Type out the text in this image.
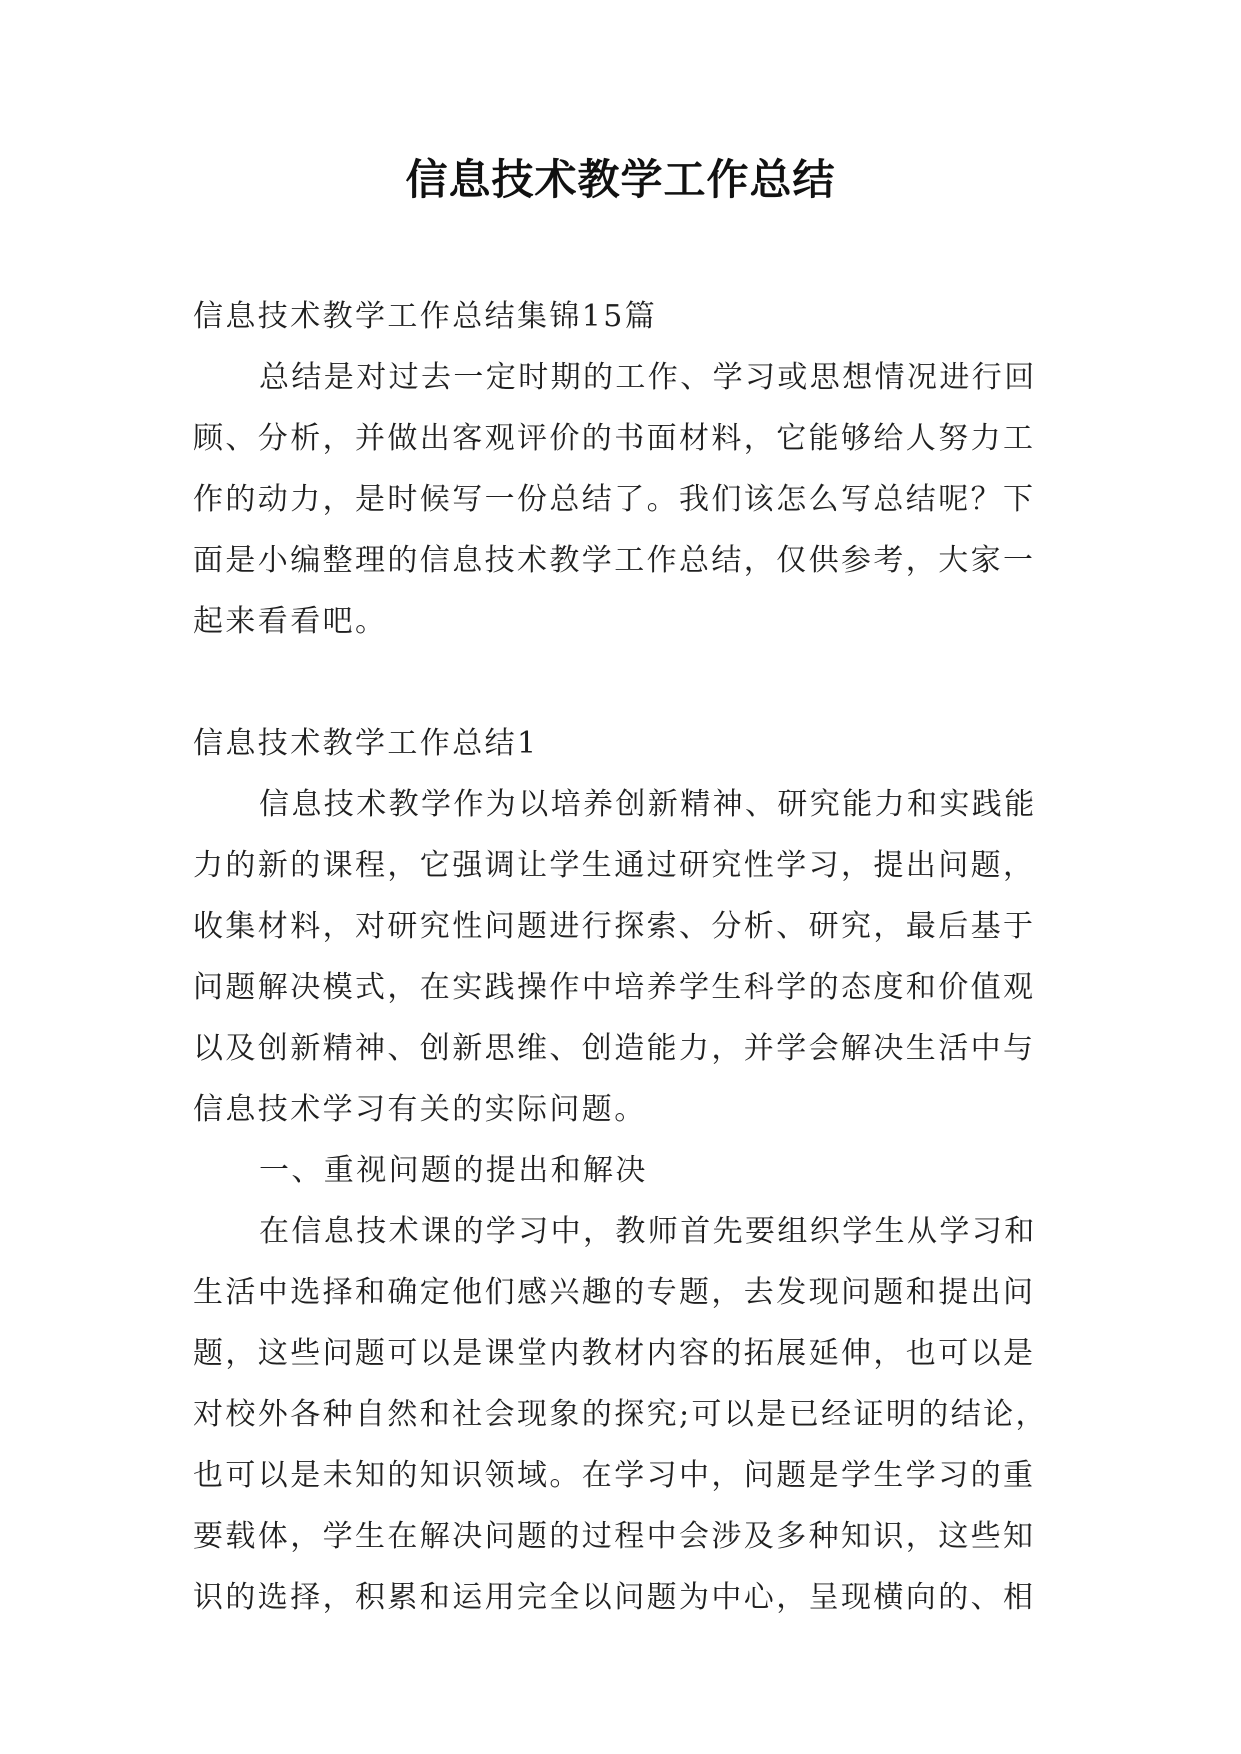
信息技术教学工作总结
信息技术教学工作总结集锦15篇
总结是对过去一定时期的工作、学习或思想情况进行回
顾、分析，并做出客观评价的书面材料，它能够给人努力工
作的动力，是时候写一份总结了。我们该怎么写总结呢？下
面是小编整理的信息技术教学工作总结，仅供参考，大家一
起来看看吧。
信息技术教学工作总结1
信息技术教学作为以培养创新精神、研究能力和实践能
力的新的课程，它强调让学生通过研究性学习，提出问题，
收集材料，对研究性问题进行探索、分析、研究，最后基于
问题解决模式，在实践操作中培养学生科学的态度和价值观
以及创新精神、创新思维、创造能力，并学会解决生活中与
信息技术学习有关的实际问题。
一、重视问题的提出和解决
在信息技术课的学习中，教师首先要组织学生从学习和
生活中选择和确定他们感兴趣的专题，去发现问题和提出问
题，这些问题可以是课堂内教材内容的拓展延伸，也可以是
对校外各种自然和社会现象的探究;可以是已经证明的结论，
也可以是未知的知识领域。在学习中，问题是学生学习的重
要载体，学生在解决问题的过程中会涉及多种知识，这些知
识的选择，积累和运用完全以问题为中心，呈现横向的、相
